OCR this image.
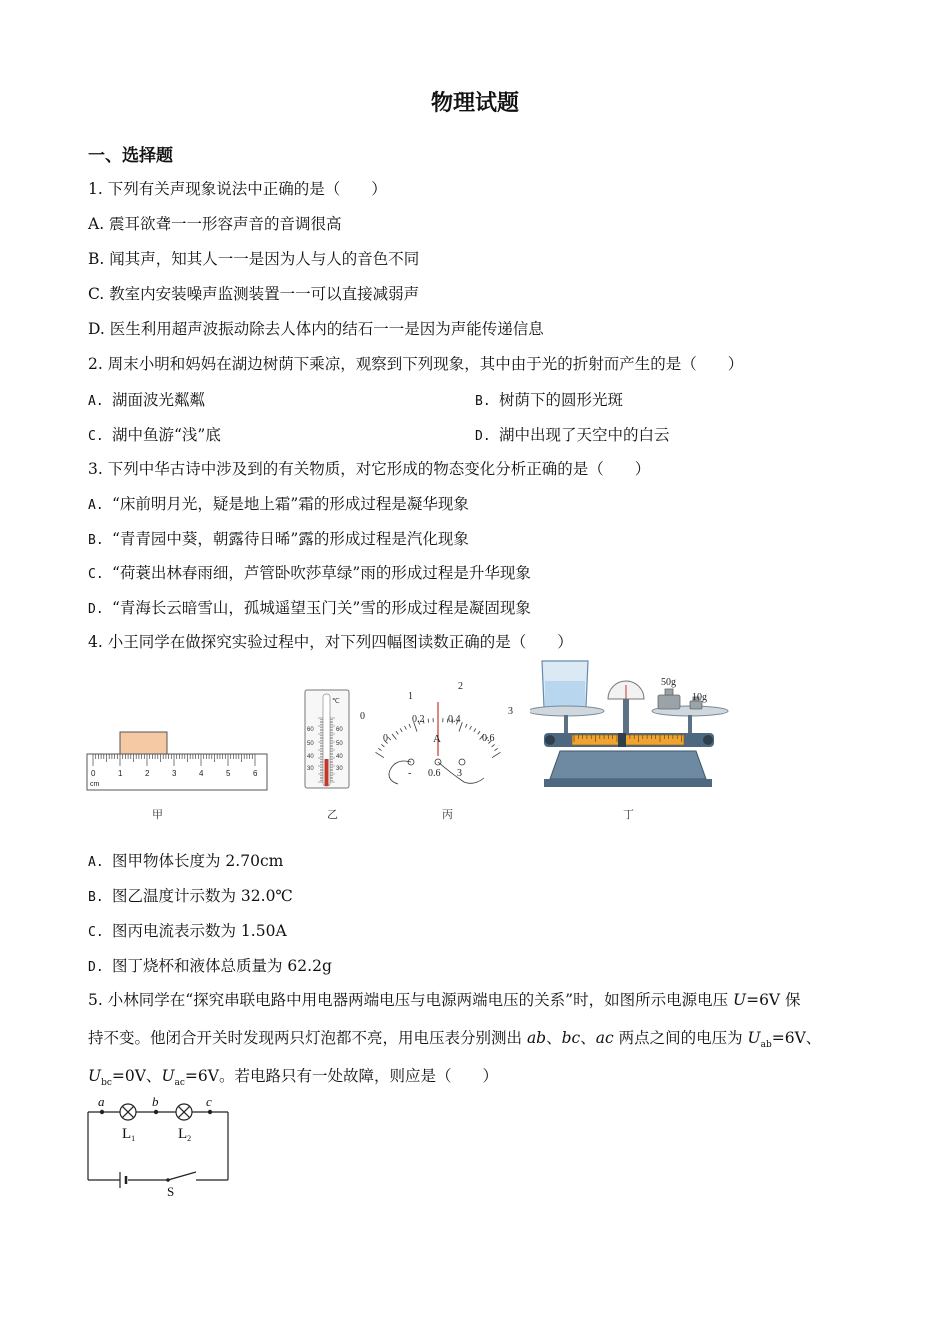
物理试题
一、选择题
1. 下列有关声现象说法中正确的是（　　）
A. 震耳欲聋一一形容声音的音调很高
B. 闻其声，知其人一一是因为人与人的音色不同
C. 教室内安装噪声监测装置一一可以直接减弱声
D. 医生利用超声波振动除去人体内的结石一一是因为声能传递信息
2. 周末小明和妈妈在湖边树荫下乘凉，观察到下列现象，其中由于光的折射而产生的是（　　）
A. 湖面波光粼粼	B. 树荫下的圆形光斑
C. 湖中鱼游“浅”底	D. 湖中出现了天空中的白云
3. 下列中华古诗中涉及到的有关物质，对它形成的物态变化分析正确的是（　　）
A. “床前明月光，疑是地上霜”霜的形成过程是凝华现象
B. “青青园中葵，朝露待日晞”露的形成过程是汽化现象
C. “荷蓑出林春雨细，芦管卧吹莎草绿”雨的形成过程是升华现象
D. “青海长云暗雪山，孤城遥望玉门关”雪的形成过程是凝固现象
4. 小王同学在做探究实验过程中，对下列四幅图读数正确的是（　　）
0	1	2	3	4	5	6
cm
℃
60
50
40
30
60
50
40
30
0
1
2
3
0
0.2 0.4
0.6
A
- 0.6 3
50g
10g
甲	乙	丙	丁
A. 图甲物体长度为 2.70cm
B. 图乙温度计示数为 32.0℃
C. 图丙电流表示数为 1.50A
D. 图丁烧杯和液体总质量为 62.2g
5. 小林同学在“探究串联电路中用电器两端电压与电源两端电压的关系”时，如图所示电源电压 U=6V 保
持不变。他闭合开关时发现两只灯泡都不亮，用电压表分别测出 ab、bc、ac 两点之间的电压为 $U_{ab}=6V$、
$U_{bc}=0V$、$U_{ac}=6V$。若电路只有一处故障，则应是（　　）
a	b	c
$L_1$	$L_2$
S
